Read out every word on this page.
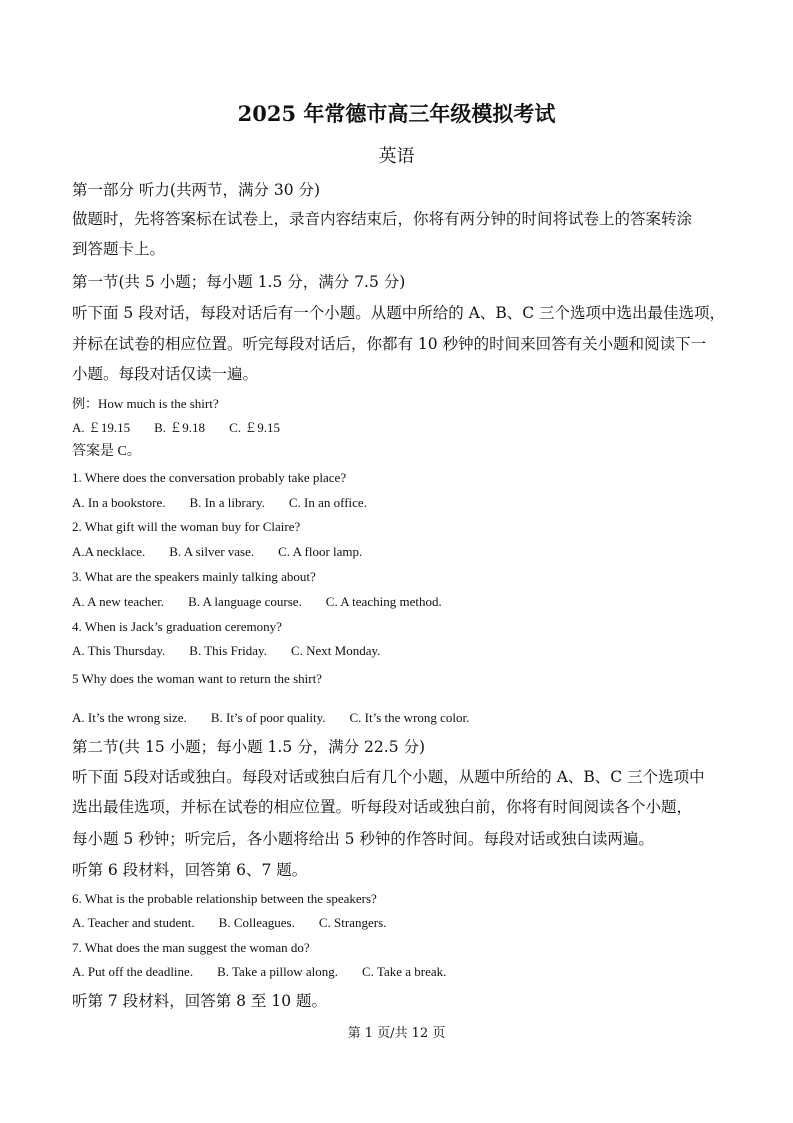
2025 年常德市高三年级模拟考试
英语
第一部分 听力(共两节，满分 30 分)
做题时，先将答案标在试卷上，录音内容结束后，你将有两分钟的时间将试卷上的答案转涂
到答题卡上。
第一节(共 5 小题；每小题 1.5 分，满分 7.5 分)
听下面 5 段对话，每段对话后有一个小题。从题中所给的 A、B、C 三个选项中选出最佳选项，
并标在试卷的相应位置。听完每段对话后，你都有 10 秒钟的时间来回答有关小题和阅读下一
小题。每段对话仅读一遍。
例：How much is the shirt?
A. ￡19.15 B. ￡9.18 C. ￡9.15
答案是 C。
1. Where does the conversation probably take place?
A. In a bookstore. B. In a library. C. In an office.
2. What gift will the woman buy for Claire?
A.A necklace. B. A silver vase. C. A floor lamp.
3. What are the speakers mainly talking about?
A. A new teacher. B. A language course. C. A teaching method.
4. When is Jack’s graduation ceremony?
A. This Thursday. B. This Friday. C. Next Monday.
5 Why does the woman want to return the shirt?
A. It’s the wrong size. B. It’s of poor quality. C. It’s the wrong color.
第二节(共 15 小题；每小题 1.5 分，满分 22.5 分)
听下面 5段对话或独白。每段对话或独白后有几个小题，从题中所给的 A、B、C 三个选项中
选出最佳选项，并标在试卷的相应位置。听每段对话或独白前，你将有时间阅读各个小题，
每小题 5 秒钟；听完后，各小题将给出 5 秒钟的作答时间。每段对话或独白读两遍。
听第 6 段材料，回答第 6、7 题。
6. What is the probable relationship between the speakers?
A. Teacher and student. B. Colleagues. C. Strangers.
7. What does the man suggest the woman do?
A. Put off the deadline. B. Take a pillow along. C. Take a break.
听第 7 段材料，回答第 8 至 10 题。
第 1 页/共 12 页
